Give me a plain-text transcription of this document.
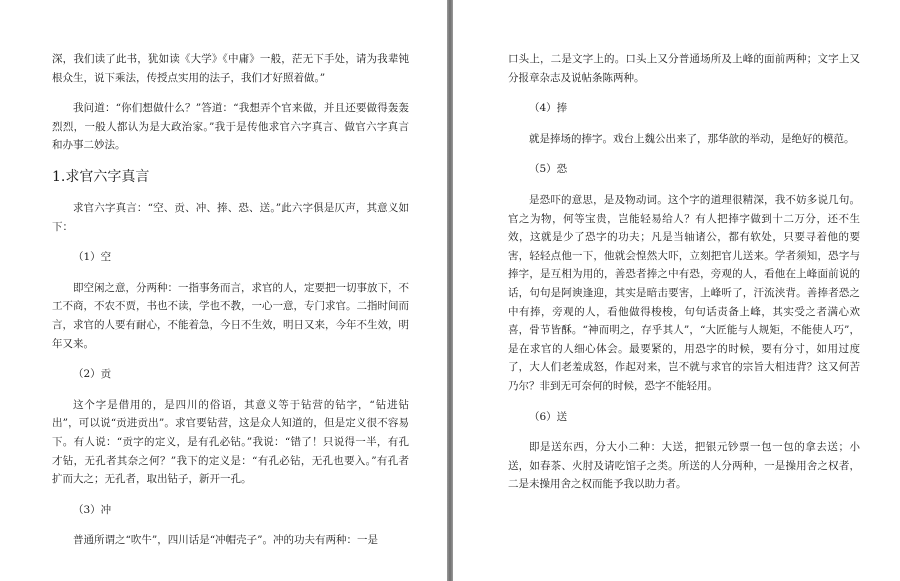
深，我们读了此书，犹如读《大学》《中庸》一般，茫无下手处，请为我辈钝根众生，说下乘法，传授点实用的法子，我们才好照着做。”

我问道：“你们想做什么？”答道：“我想弄个官来做，并且还要做得轰轰烈烈，一般人都认为是大政治家。”我于是传他求官六字真言、做官六字真言和办事二妙法。

1.求官六字真言

求官六字真言：“空、贡、冲、捧、恐、送。”此六字俱是仄声，其意义如下：

（1）空

即空闲之意，分两种：一指事务而言，求官的人，定要把一切事放下，不工不商，不农不贾，书也不读，学也不教，一心一意，专门求官。二指时间而言，求官的人要有耐心，不能着急，今日不生效，明日又来，今年不生效，明年又来。

（2）贡

这个字是借用的，是四川的俗语，其意义等于钻营的钻字，“钻进钻出”，可以说“贡进贡出”。求官要钻营，这是众人知道的，但是定义很不容易下。有人说：“贡字的定义，是有孔必钻。”我说：“错了！只说得一半，有孔才钻，无孔者其奈之何？”我下的定义是：“有孔必钻，无孔也要入。”有孔者扩而大之；无孔者，取出钻子，新开一孔。

（3）冲

普通所谓之“吹牛”，四川话是“冲帽壳子”。冲的功夫有两种：一是

口头上，二是文字上的。口头上又分普通场所及上峰的面前两种；文字上又分报章杂志及说帖条陈两种。

（4）捧

就是捧场的捧字。戏台上魏公出来了，那华歆的举动，是绝好的模范。

（5）恐

是恐吓的意思，是及物动词。这个字的道理很精深，我不妨多说几句。官之为物，何等宝贵，岂能轻易给人？有人把捧字做到十二万分，还不生效，这就是少了恐字的功夫；凡是当轴诸公，都有软处，只要寻着他的要害，轻轻点他一下，他就会惶然大吓，立刻把官儿送来。学者须知，恐字与捧字，是互相为用的，善恐者捧之中有恐，旁观的人，看他在上峰面前说的话，句句是阿谀逢迎，其实是暗击要害，上峰听了，汗流浃背。善捧者恐之中有捧，旁观的人，看他做得梭梭，句句话责备上峰，其实受之者满心欢喜，骨节皆酥。“神而明之，存乎其人”，“大匠能与人规矩，不能使人巧”，是在求官的人细心体会。最要紧的，用恐字的时候，要有分寸，如用过度了，大人们老羞成怒，作起对来，岂不就与求官的宗旨大相违背？这又何苦乃尔？非到无可奈何的时候，恐字不能轻用。

（6）送

即是送东西，分大小二种：大送，把银元钞票一包一包的拿去送；小送，如春茶、火肘及请吃馆子之类。所送的人分两种，一是操用舍之权者，二是未操用舍之权而能予我以助力者。
